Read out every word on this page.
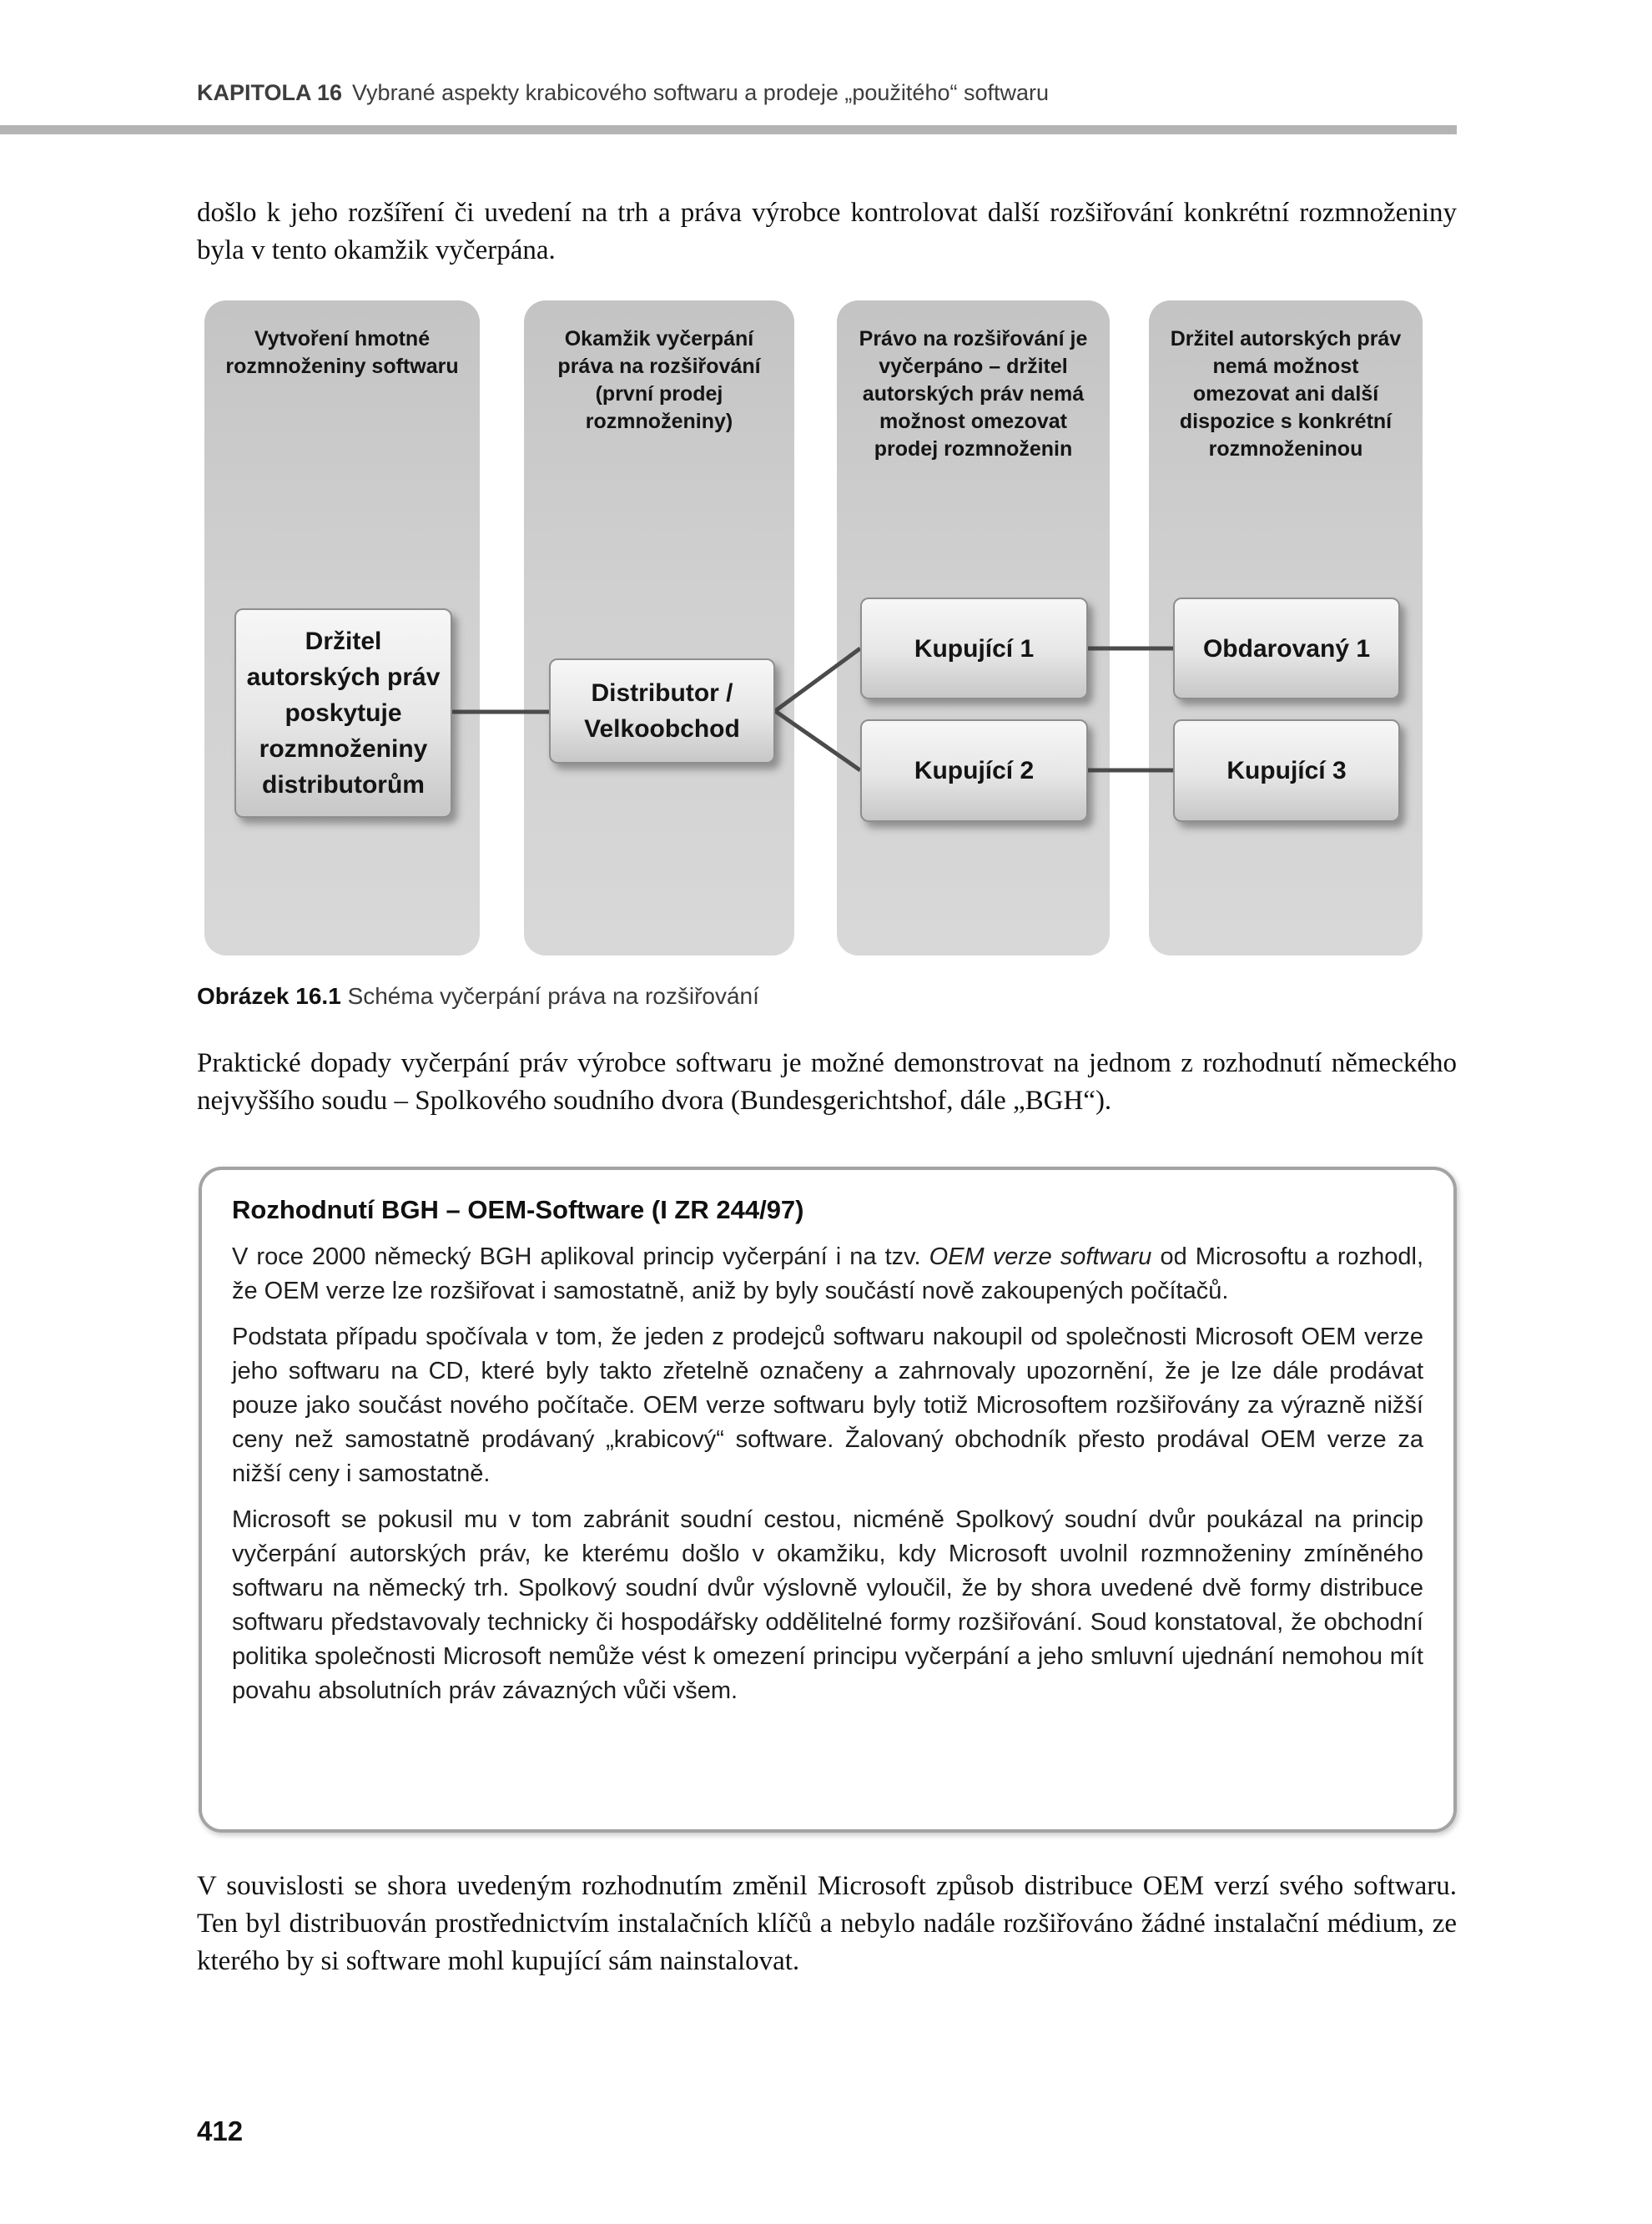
KAPITOLA 16 Vybrané aspekty krabicového softwaru a prodeje „použitého“ softwaru

došlo k jeho rozšíření či uvedení na trh a práva výrobce kontrolovat další rozšiřování konkrétní rozmnoženiny byla v tento okamžik vyčerpána.

Vytvoření hmotné rozmnoženiny softwaru
Okamžik vyčerpání práva na rozšiřování (první prodej rozmnoženiny)
Právo na rozšiřování je vyčerpáno – držitel autorských práv nemá možnost omezovat prodej rozmnoženin
Držitel autorských práv nemá možnost omezovat ani další dispozice s konkrétní rozmnoženinou
Držitel autorských práv poskytuje rozmnoženiny distributorům
Distributor / Velkoobchod
Kupující 1
Kupující 2
Obdarovaný 1
Kupující 3

Obrázek 16.1 Schéma vyčerpání práva na rozšiřování

Praktické dopady vyčerpání práv výrobce softwaru je možné demonstrovat na jednom z rozhodnutí německého nejvyššího soudu – Spolkového soudního dvora (Bundesgerichtshof, dále „BGH“).

Rozhodnutí BGH – OEM-Software (I ZR 244/97)

V roce 2000 německý BGH aplikoval princip vyčerpání i na tzv. OEM verze softwaru od Microsoftu a rozhodl, že OEM verze lze rozšiřovat i samostatně, aniž by byly součástí nově zakoupených počítačů.

Podstata případu spočívala v tom, že jeden z prodejců softwaru nakoupil od společnosti Microsoft OEM verze jeho softwaru na CD, které byly takto zřetelně označeny a zahrnovaly upozornění, že je lze dále prodávat pouze jako součást nového počítače. OEM verze softwaru byly totiž Microsoftem rozšiřovány za výrazně nižší ceny než samostatně prodávaný „krabicový“ software. Žalovaný obchodník přesto prodával OEM verze za nižší ceny i samostatně.

Microsoft se pokusil mu v tom zabránit soudní cestou, nicméně Spolkový soudní dvůr poukázal na princip vyčerpání autorských práv, ke kterému došlo v okamžiku, kdy Microsoft uvolnil rozmnoženiny zmíněného softwaru na německý trh. Spolkový soudní dvůr výslovně vyloučil, že by shora uvedené dvě formy distribuce softwaru představovaly technicky či hospodářsky oddělitelné formy rozšiřování. Soud konstatoval, že obchodní politika společnosti Microsoft nemůže vést k omezení principu vyčerpání a jeho smluvní ujednání nemohou mít povahu absolutních práv závazných vůči všem.

V souvislosti se shora uvedeným rozhodnutím změnil Microsoft způsob distribuce OEM verzí svého softwaru. Ten byl distribuován prostřednictvím instalačních klíčů a nebylo nadále rozšiřováno žádné instalační médium, ze kterého by si software mohl kupující sám nainstalovat.

412
